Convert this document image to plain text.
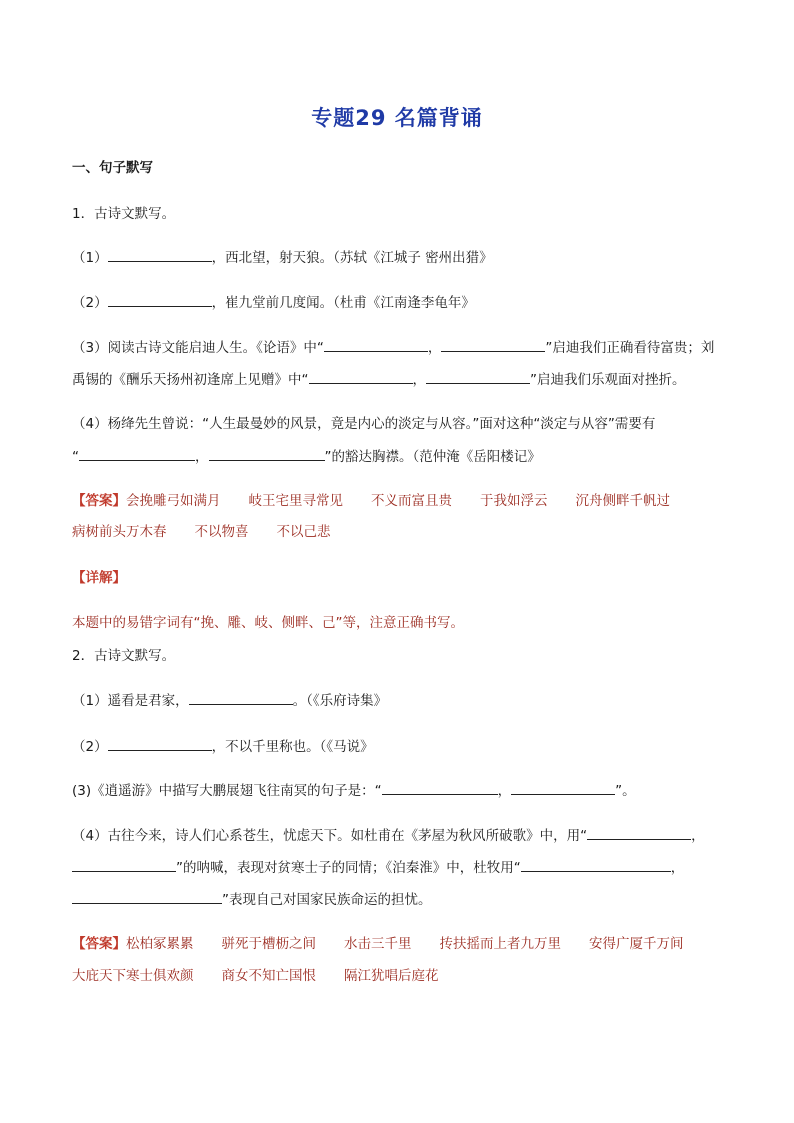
专题29 名篇背诵
一、句子默写
1．古诗文默写。
（1）	，西北望，射天狼。（苏轼《江城子 密州出猎》
（2）	，崔九堂前几度闻。（杜甫《江南逢李龟年》
（3）阅读古诗文能启迪人生。《论语》中“	，	”启迪我们正确看待富贵；刘
禹锡的《酬乐天扬州初逢席上见赠》中“	，	”启迪我们乐观面对挫折。
（4）杨绛先生曾说：“人生最曼妙的风景，竟是内心的淡定与从容。”面对这种“淡定与从容”需要有
“	，	”的豁达胸襟。（范仲淹《岳阳楼记》
【答案】会挽雕弓如满月 岐王宅里寻常见 不义而富且贵 于我如浮云 沉舟侧畔千帆过
病树前头万木春 不以物喜 不以己悲
【详解】
本题中的易错字词有“挽、雕、岐、侧畔、己”等，注意正确书写。
2．古诗文默写。
（1）遥看是君家，	。（《乐府诗集》
（2）	，不以千里称也。（《马说》
(3)《逍遥游》中描写大鹏展翅飞往南冥的句子是：“	，	”。
（4）古往今来，诗人们心系苍生，忧虑天下。如杜甫在《茅屋为秋风所破歌》中，用“	，
”的呐喊，表现对贫寒士子的同情；《泊秦淮》中，杜牧用“	，
”表现自己对国家民族命运的担忧。
【答案】松柏冢累累 骈死于槽枥之间 水击三千里 抟扶摇而上者九万里 安得广厦千万间
大庇天下寒士俱欢颜 商女不知亡国恨 隔江犹唱后庭花
